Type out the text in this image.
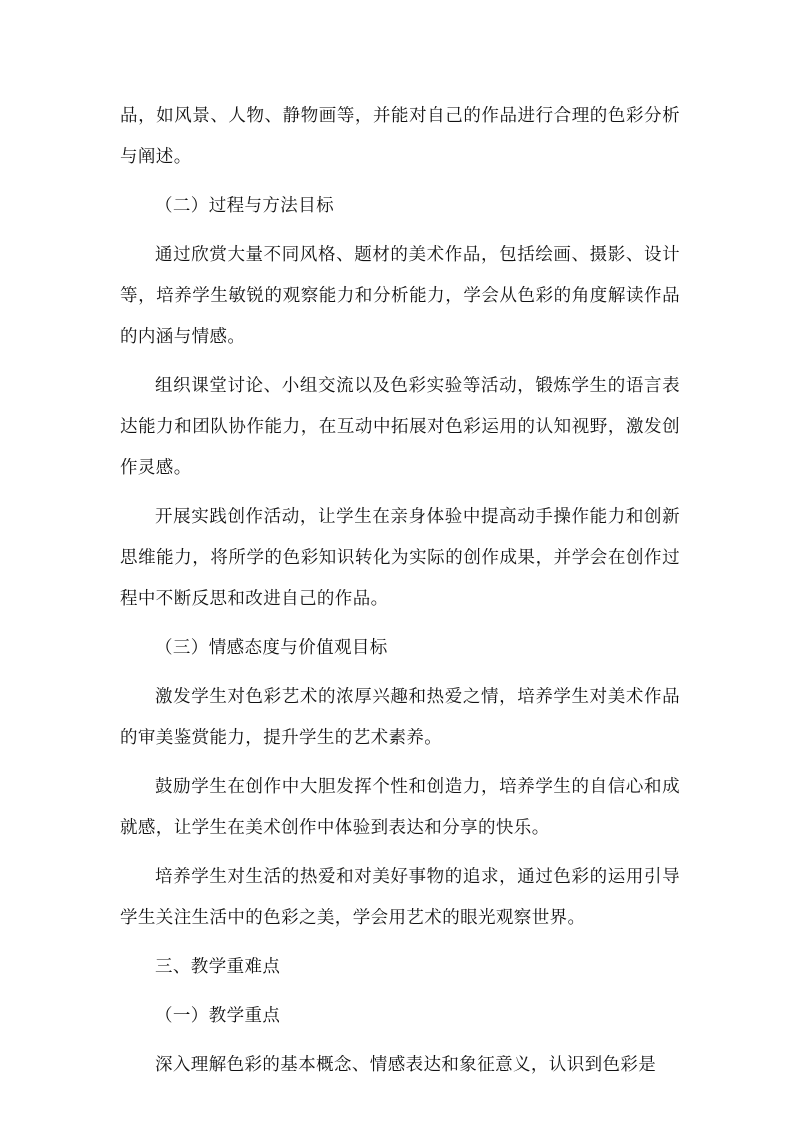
品，如风景、人物、静物画等，并能对自己的作品进行合理的色彩分析与阐述。

（二）过程与方法目标

通过欣赏大量不同风格、题材的美术作品，包括绘画、摄影、设计等，培养学生敏锐的观察能力和分析能力，学会从色彩的角度解读作品的内涵与情感。

组织课堂讨论、小组交流以及色彩实验等活动，锻炼学生的语言表达能力和团队协作能力，在互动中拓展对色彩运用的认知视野，激发创作灵感。

开展实践创作活动，让学生在亲身体验中提高动手操作能力和创新思维能力，将所学的色彩知识转化为实际的创作成果，并学会在创作过程中不断反思和改进自己的作品。

（三）情感态度与价值观目标

激发学生对色彩艺术的浓厚兴趣和热爱之情，培养学生对美术作品的审美鉴赏能力，提升学生的艺术素养。

鼓励学生在创作中大胆发挥个性和创造力，培养学生的自信心和成就感，让学生在美术创作中体验到表达和分享的快乐。

培养学生对生活的热爱和对美好事物的追求，通过色彩的运用引导学生关注生活中的色彩之美，学会用艺术的眼光观察世界。

三、教学重难点

（一）教学重点

深入理解色彩的基本概念、情感表达和象征意义，认识到色彩是
